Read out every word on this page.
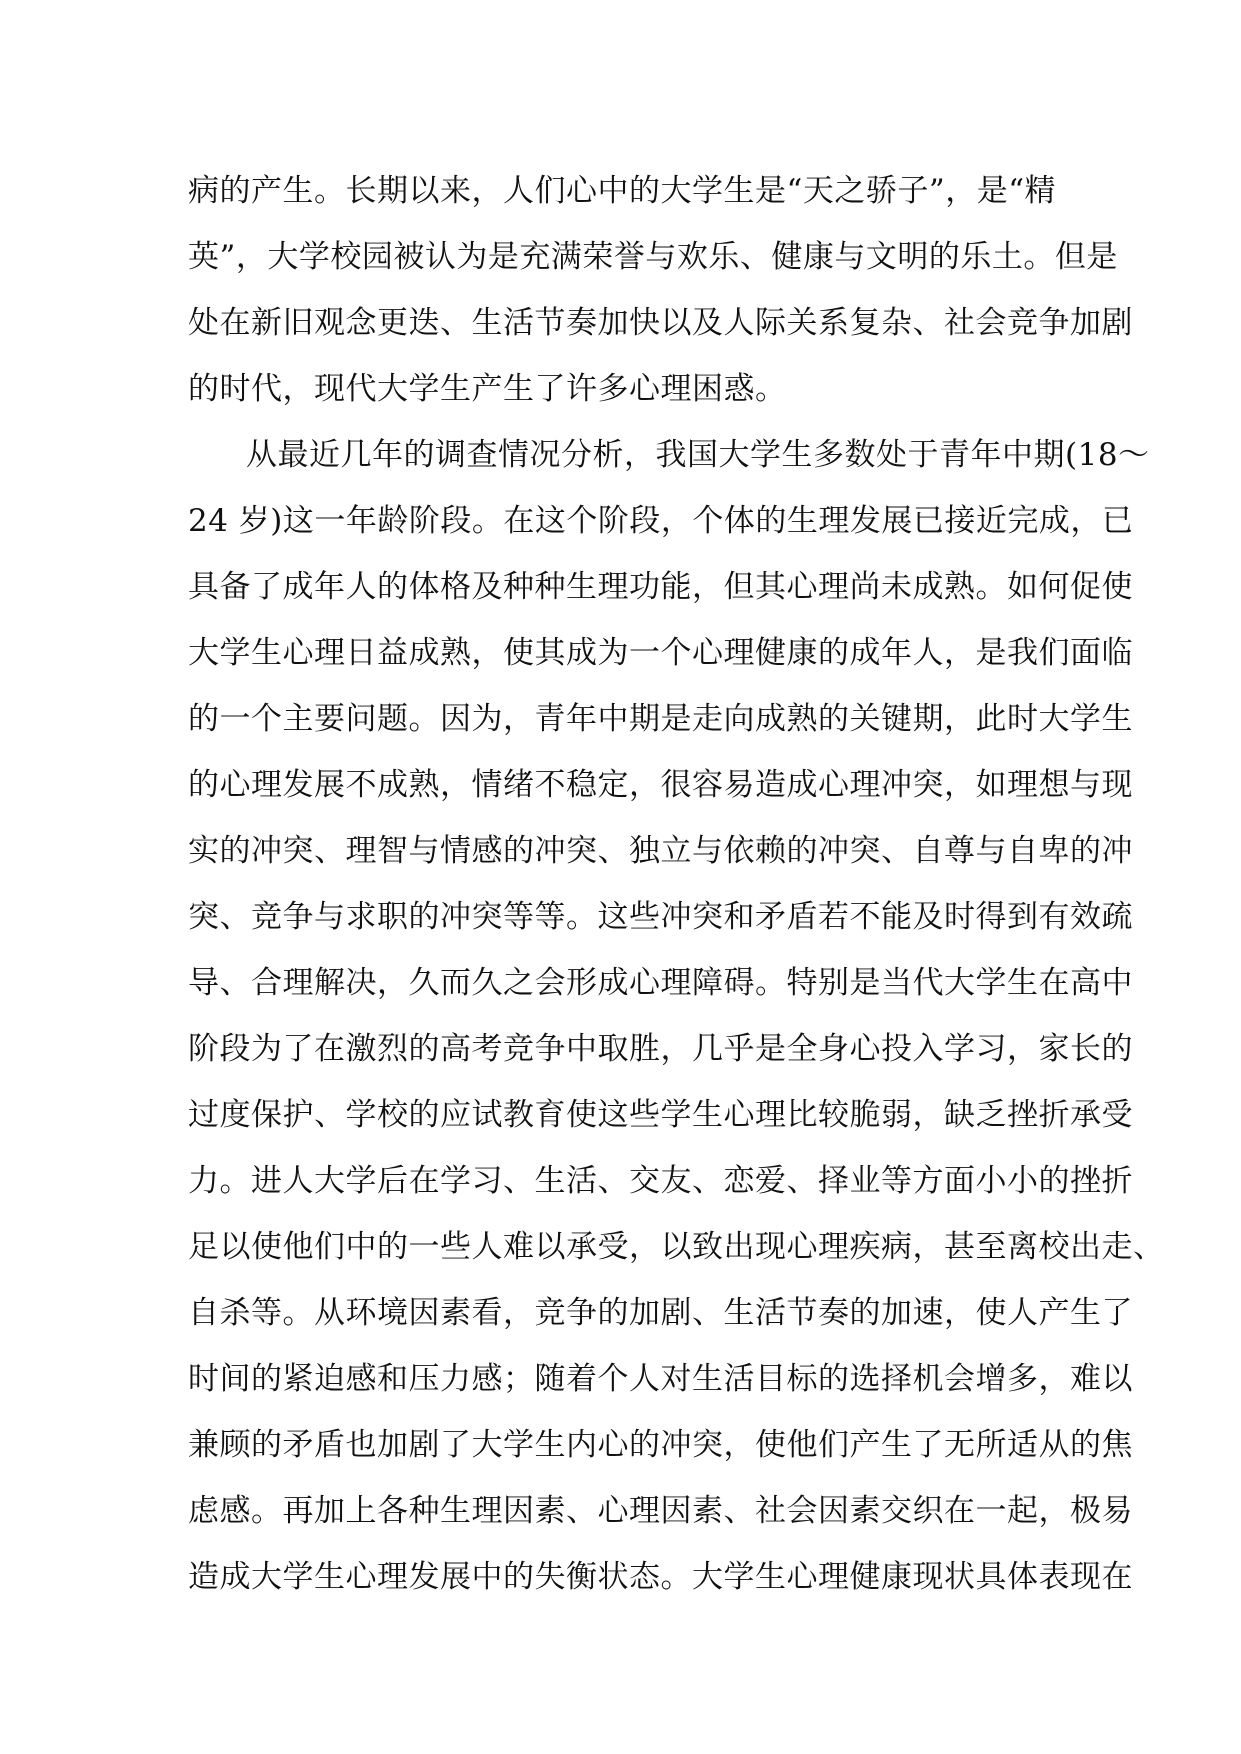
病的产生。长期以来，人们心中的大学生是“天之骄子”，是“精
英”，大学校园被认为是充满荣誉与欢乐、健康与文明的乐土。但是
处在新旧观念更迭、生活节奏加快以及人际关系复杂、社会竞争加剧
的时代，现代大学生产生了许多心理困惑。
从最近几年的调查情况分析，我国大学生多数处于青年中期(18～
24 岁)这一年龄阶段。在这个阶段，个体的生理发展已接近完成，已
具备了成年人的体格及种种生理功能，但其心理尚未成熟。如何促使
大学生心理日益成熟，使其成为一个心理健康的成年人，是我们面临
的一个主要问题。因为，青年中期是走向成熟的关键期，此时大学生
的心理发展不成熟，情绪不稳定，很容易造成心理冲突，如理想与现
实的冲突、理智与情感的冲突、独立与依赖的冲突、自尊与自卑的冲
突、竞争与求职的冲突等等。这些冲突和矛盾若不能及时得到有效疏
导、合理解决，久而久之会形成心理障碍。特别是当代大学生在高中
阶段为了在激烈的高考竞争中取胜，几乎是全身心投入学习，家长的
过度保护、学校的应试教育使这些学生心理比较脆弱，缺乏挫折承受
力。进人大学后在学习、生活、交友、恋爱、择业等方面小小的挫折
足以使他们中的一些人难以承受，以致出现心理疾病，甚至离校出走、
自杀等。从环境因素看，竞争的加剧、生活节奏的加速，使人产生了
时间的紧迫感和压力感；随着个人对生活目标的选择机会增多，难以
兼顾的矛盾也加剧了大学生内心的冲突，使他们产生了无所适从的焦
虑感。再加上各种生理因素、心理因素、社会因素交织在一起，极易
造成大学生心理发展中的失衡状态。大学生心理健康现状具体表现在
